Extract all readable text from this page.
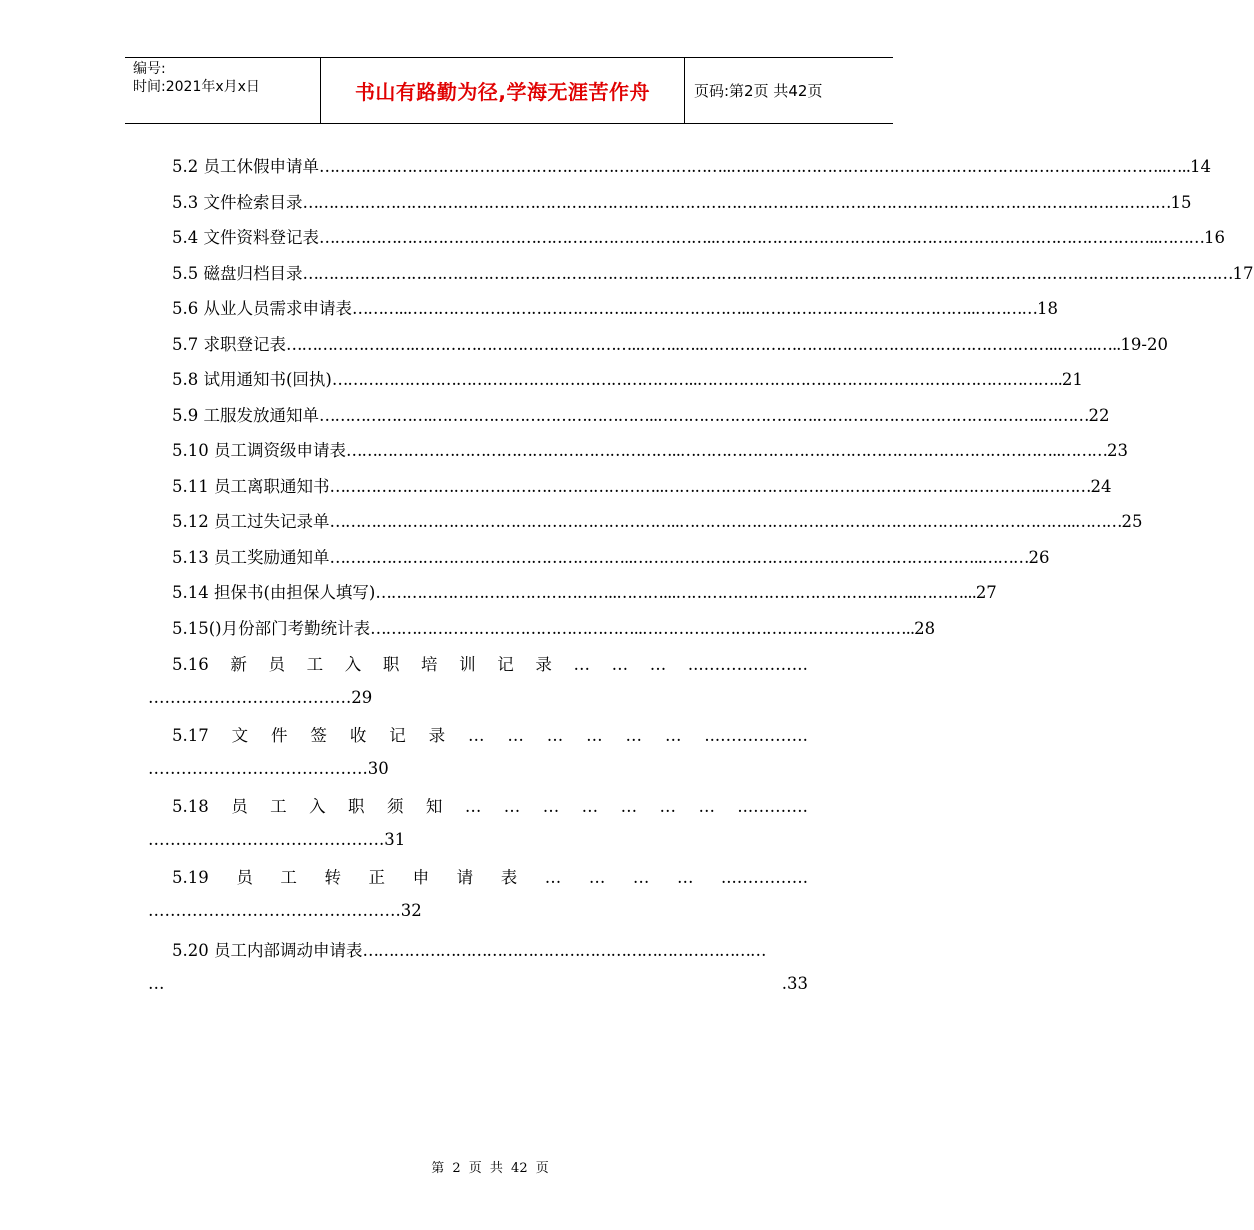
编号:
时间:2021年x月x日	书山有路勤为径,学海无涯苦作舟	页码:第2页 共42页
5.2 员工休假申请单 ……………………………………………………………………..…..……………………………………………………………………..….. 14
5.3 文件检索目录 …………………………………………………………………………………………………………………………………………………… 15
5.4 文件资料登记表 …………………………………………………………………..…………………………………………………………………………..……… 16
5.5 磁盘归档目录 ……………………………………………………………………………………………………………………………………………………………… 17
5.6 从业人员需求申请表 ………..……………………………………..…………………..……………………………………..………… 18
5.7 求职登记表 …………………….……………………………………..……..…..…………………….……………………………………..……..….. 19-20
5.8 试用通知书(回执) ……………………………………………………………..…………………………………………………………….. 21
5.9 工服发放通知单 ………………….……………………………………..………………………….……………………………………..……… 22
5.10 员工调资级申请表 ………………………………………………………..………………………………………………………………..……… 23
5.11 员工离职通知书 ………………………………………………………..………………………………………………………………..……… 24
5.12 员工过失记录单 …………………………………………………………..…………………………………………………………………..……… 25
5.13 员工奖励通知单 …………………………………………………..…………………………………………………………..……… 26
5.14 担保书(由担保人填写) ………………………………………..………...………………………………………..………... 27
5.15()月份部门考勤统计表 ……………………………………………..…………………………………………….. 28
5.16 新 员 工 入 职 培 训 记 录 … … … ...……………….
……………………………….29
5.17 文 件 签 收 记 录 … … … … … … ...…………….
………………………………….30
5.18 员 工 入 职 须 知 … … … … … … … ...……….
…………………………………….31
5.19 员 工 转 正 申 请 表 … … … … ...………….
……………………………………….32
5.20 员工内部调动申请表 ……………………………………………………………………
…	.33
第 2 页 共 42 页
